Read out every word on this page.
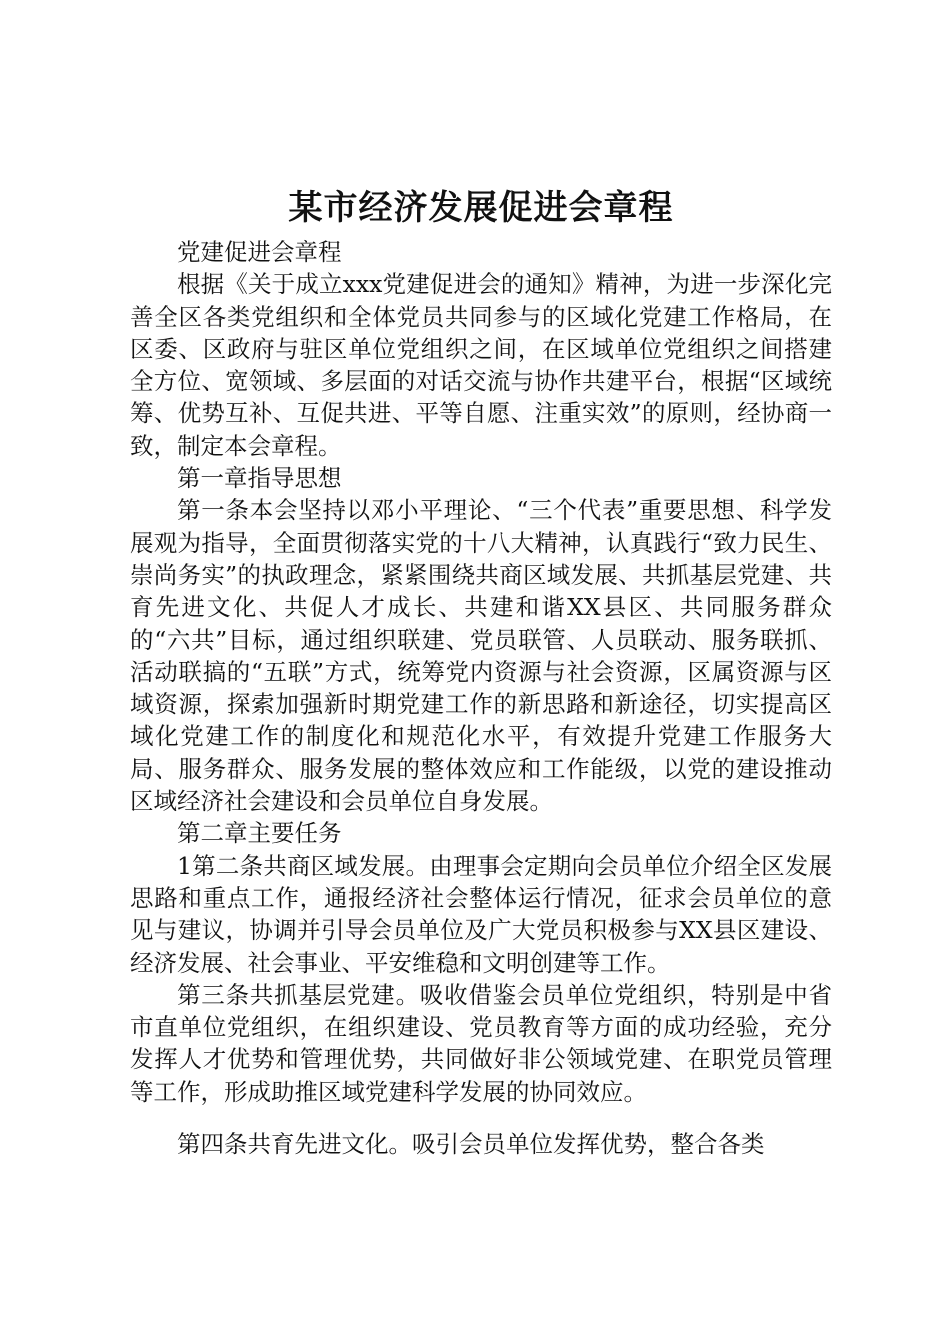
某市经济发展促进会章程

党建促进会章程

根据《关于成立xxx党建促进会的通知》精神，为进一步深化完善全区各类党组织和全体党员共同参与的区域化党建工作格局，在区委、区政府与驻区单位党组织之间，在区域单位党组织之间搭建全方位、宽领域、多层面的对话交流与协作共建平台，根据“区域统筹、优势互补、互促共进、平等自愿、注重实效”的原则，经协商一致，制定本会章程。

第一章指导思想

第一条本会坚持以邓小平理论、“三个代表”重要思想、科学发展观为指导，全面贯彻落实党的十八大精神，认真践行“致力民生、崇尚务实”的执政理念，紧紧围绕共商区域发展、共抓基层党建、共育先进文化、共促人才成长、共建和谐XX县区、共同服务群众的“六共”目标，通过组织联建、党员联管、人员联动、服务联抓、活动联搞的“五联”方式，统筹党内资源与社会资源，区属资源与区域资源，探索加强新时期党建工作的新思路和新途径，切实提高区域化党建工作的制度化和规范化水平，有效提升党建工作服务大局、服务群众、服务发展的整体效应和工作能级，以党的建设推动区域经济社会建设和会员单位自身发展。

第二章主要任务

1第二条共商区域发展。由理事会定期向会员单位介绍全区发展思路和重点工作，通报经济社会整体运行情况，征求会员单位的意见与建议，协调并引导会员单位及广大党员积极参与XX县区建设、经济发展、社会事业、平安维稳和文明创建等工作。

第三条共抓基层党建。吸收借鉴会员单位党组织，特别是中省市直单位党组织，在组织建设、党员教育等方面的成功经验，充分发挥人才优势和管理优势，共同做好非公领域党建、在职党员管理等工作，形成助推区域党建科学发展的协同效应。

第四条共育先进文化。吸引会员单位发挥优势，整合各类
